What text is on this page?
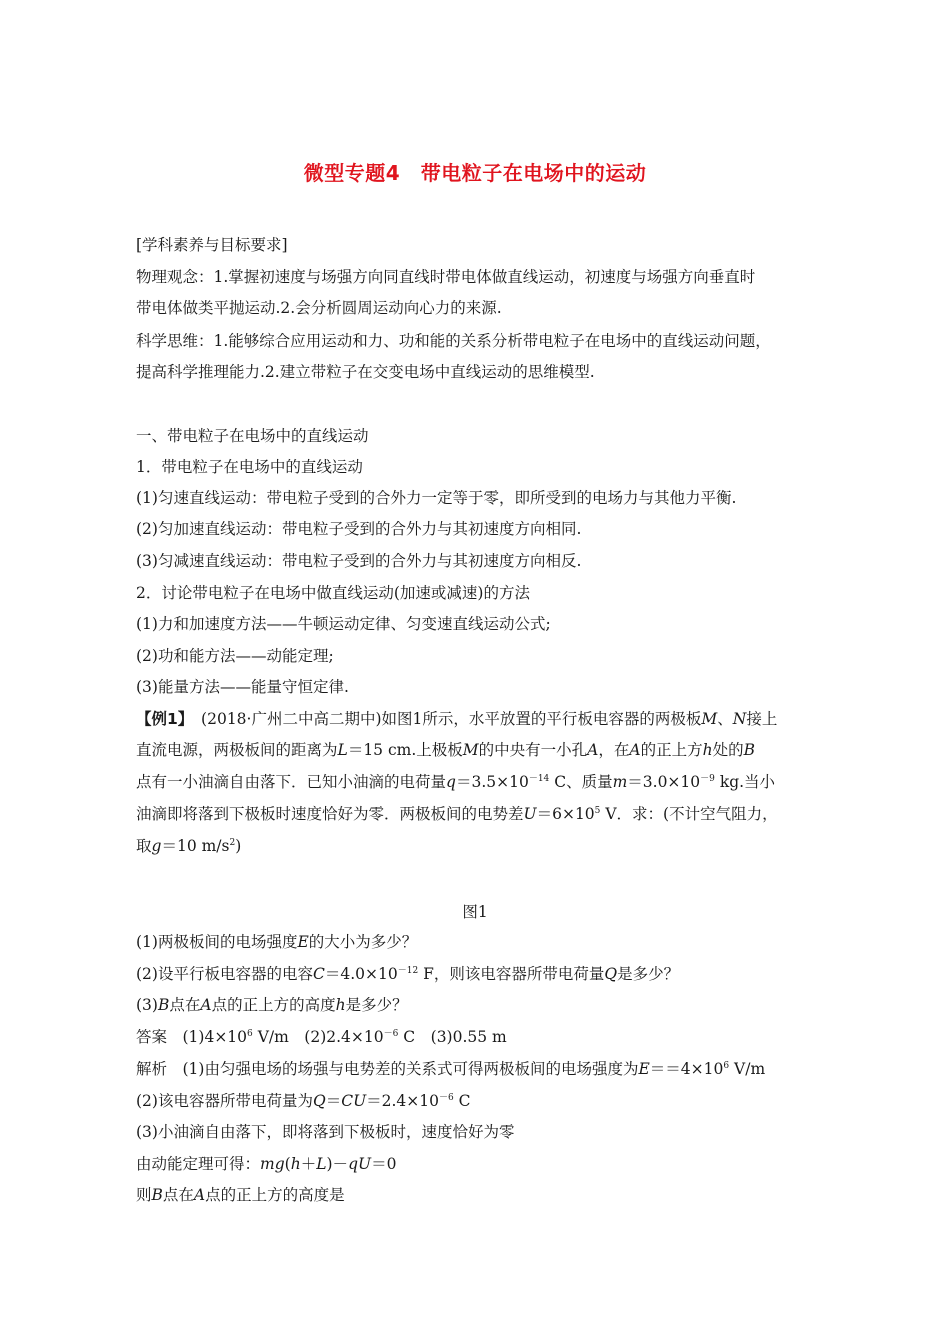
微型专题4　带电粒子在电场中的运动
[学科素养与目标要求]
物理观念：1.掌握初速度与场强方向同直线时带电体做直线运动，初速度与场强方向垂直时
带电体做类平抛运动.2.会分析圆周运动向心力的来源.
科学思维：1.能够综合应用运动和力、功和能的关系分析带电粒子在电场中的直线运动问题，
提高科学推理能力.2.建立带粒子在交变电场中直线运动的思维模型.
一、带电粒子在电场中的直线运动
1．带电粒子在电场中的直线运动
(1)匀速直线运动：带电粒子受到的合外力一定等于零，即所受到的电场力与其他力平衡.
(2)匀加速直线运动：带电粒子受到的合外力与其初速度方向相同.
(3)匀减速直线运动：带电粒子受到的合外力与其初速度方向相反.
2．讨论带电粒子在电场中做直线运动(加速或减速)的方法
(1)力和加速度方法——牛顿运动定律、匀变速直线运动公式;
(2)功和能方法——动能定理;
(3)能量方法——能量守恒定律.
【例1】　(2018·广州二中高二期中)如图1所示，水平放置的平行板电容器的两极板M、N接上
直流电源，两极板间的距离为L＝15 cm.上极板M的中央有一小孔A，在A的正上方h处的B
点有一小油滴自由落下．已知小油滴的电荷量$q=3.5\times 10^{-14}$ C、质量$m=3.0\times 10^{-9}$ kg.当小
油滴即将落到下极板时速度恰好为零．两极板间的电势差$U=6\times 10^5$ V．求：(不计空气阻力，
取g＝10 $m/s^2$)
图1
(1)两极板间的电场强度E的大小为多少？
(2)设平行板电容器的电容$C=4.0\times 10^{-12}$ F，则该电容器所带电荷量Q是多少？
(3)B点在A点的正上方的高度h是多少？
答案　$(1)4\times 10^6$ V/m　$(2)2.4\times 10^{-6}$ C　(3)0.55 m
解析　(1)由匀强电场的场强与电势差的关系式可得两极板间的电场强度为$E==4\times 10^6$ V/m
(2)该电容器所带电荷量为$Q=CU=2.4\times 10^{-6}$ C
(3)小油滴自由落下，即将落到下极板时，速度恰好为零
由动能定理可得：mg(h＋L)－qU＝0
则B点在A点的正上方的高度是
